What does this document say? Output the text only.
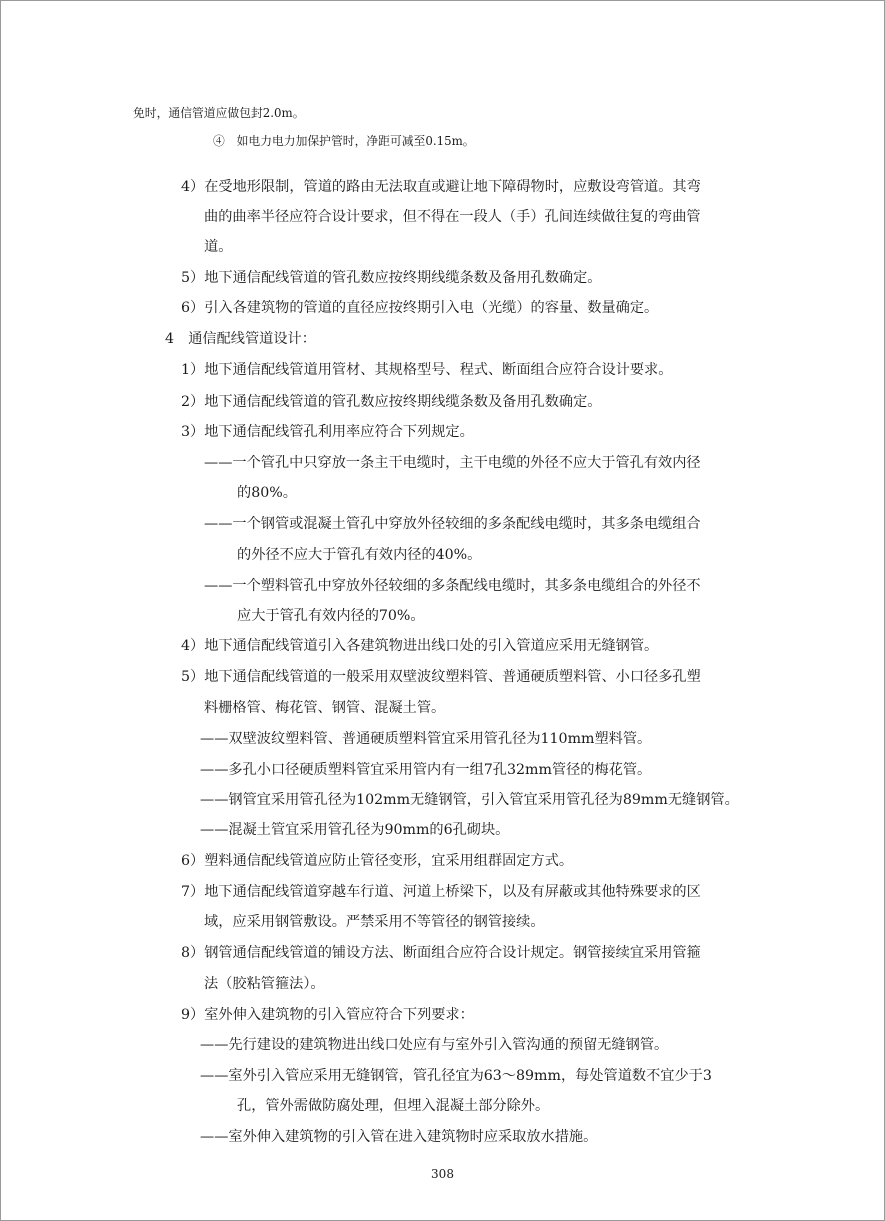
免时，通信管道应做包封2.0m。
④　如电力电力加保护管时，净距可减至0.15m。
4）在受地形限制，管道的路由无法取直或避让地下障碍物时，应敷设弯管道。其弯
曲的曲率半径应符合设计要求，但不得在一段人（手）孔间连续做往复的弯曲管
道。
5）地下通信配线管道的管孔数应按终期线缆条数及备用孔数确定。
6）引入各建筑物的管道的直径应按终期引入电（光缆）的容量、数量确定。
4　通信配线管道设计：
1）地下通信配线管道用管材、其规格型号、程式、断面组合应符合设计要求。
2）地下通信配线管道的管孔数应按终期线缆条数及备用孔数确定。
3）地下通信配线管孔利用率应符合下列规定。
——一个管孔中只穿放一条主干电缆时，主干电缆的外径不应大于管孔有效内径
的80%。
——一个钢管或混凝土管孔中穿放外径较细的多条配线电缆时，其多条电缆组合
的外径不应大于管孔有效内径的40%。
——一个塑料管孔中穿放外径较细的多条配线电缆时，其多条电缆组合的外径不
应大于管孔有效内径的70%。
4）地下通信配线管道引入各建筑物进出线口处的引入管道应采用无缝钢管。
5）地下通信配线管道的一般采用双壁波纹塑料管、普通硬质塑料管、小口径多孔塑
料栅格管、梅花管、钢管、混凝土管。
——双壁波纹塑料管、普通硬质塑料管宜采用管孔径为110mm塑料管。
——多孔小口径硬质塑料管宜采用管内有一组7孔32mm管径的梅花管。
——钢管宜采用管孔径为102mm无缝钢管，引入管宜采用管孔径为89mm无缝钢管。
——混凝土管宜采用管孔径为90mm的6孔砌块。
6）塑料通信配线管道应防止管径变形，宜采用组群固定方式。
7）地下通信配线管道穿越车行道、河道上桥梁下，以及有屏蔽或其他特殊要求的区
域，应采用钢管敷设。严禁采用不等管径的钢管接续。
8）钢管通信配线管道的铺设方法、断面组合应符合设计规定。钢管接续宜采用管箍
法（胶粘管箍法）。
9）室外伸入建筑物的引入管应符合下列要求：
——先行建设的建筑物进出线口处应有与室外引入管沟通的预留无缝钢管。
——室外引入管应采用无缝钢管，管孔径宜为63～89mm，每处管道数不宜少于3
孔，管外需做防腐处理，但埋入混凝土部分除外。
——室外伸入建筑物的引入管在进入建筑物时应采取放水措施。
308
